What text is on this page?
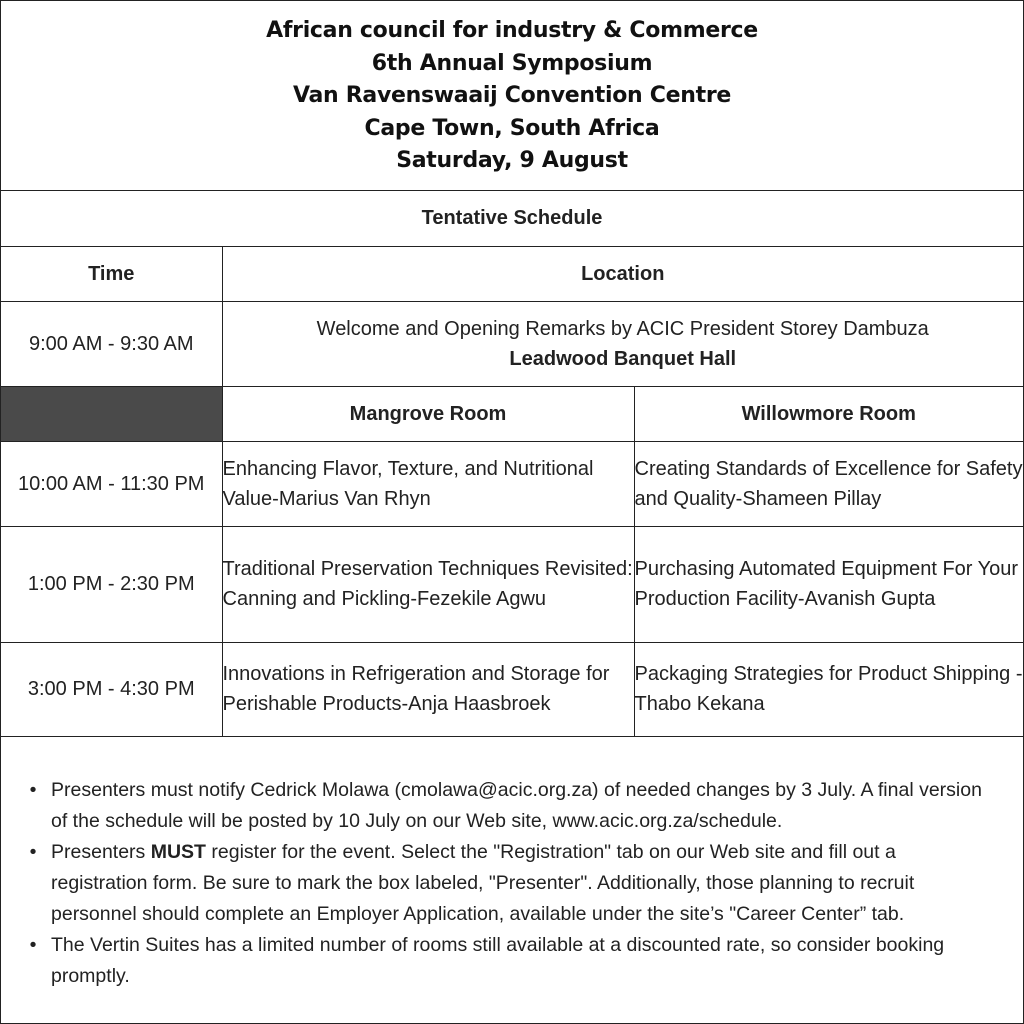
African council for industry & Commerce
6th Annual Symposium
Van Ravenswaaij Convention Centre
Cape Town, South Africa
Saturday, 9 August
Tentative Schedule		
Time	Location	
9:00 AM - 9:30 AM	Welcome and Opening Remarks by ACIC President Storey Dambuza
Leadwood Banquet Hall	

	Mangrove Room	Willowmore Room
10:00 AM - 11:30 PM	Enhancing Flavor, Texture, and Nutritional Value-Marius Van Rhyn	Creating Standards of Excellence for Safety and Quality-Shameen Pillay
1:00 PM - 2:30 PM	Traditional Preservation Techniques Revisited: Canning and Pickling-Fezekile Agwu	Purchasing Automated Equipment For Your Production Facility-Avanish Gupta
3:00 PM - 4:30 PM	Innovations in Refrigeration and Storage for Perishable Products-Anja Haasbroek	Packaging Strategies for Product Shipping -Thabo Kekana
• Presenters must notify Cedrick Molawa (cmolawa@acic.org.za) of needed changes by 3 July. A final version of the schedule will be posted by 10 July on our Web site, www.acic.org.za/schedule.
• Presenters MUST register for the event. Select the "Registration" tab on our Web site and fill out a registration form. Be sure to mark the box labeled, "Presenter". Additionally, those planning to recruit personnel should complete an Employer Application, available under the site’s "Career Center” tab.
• The Vertin Suites has a limited number of rooms still available at a discounted rate, so consider booking promptly.
